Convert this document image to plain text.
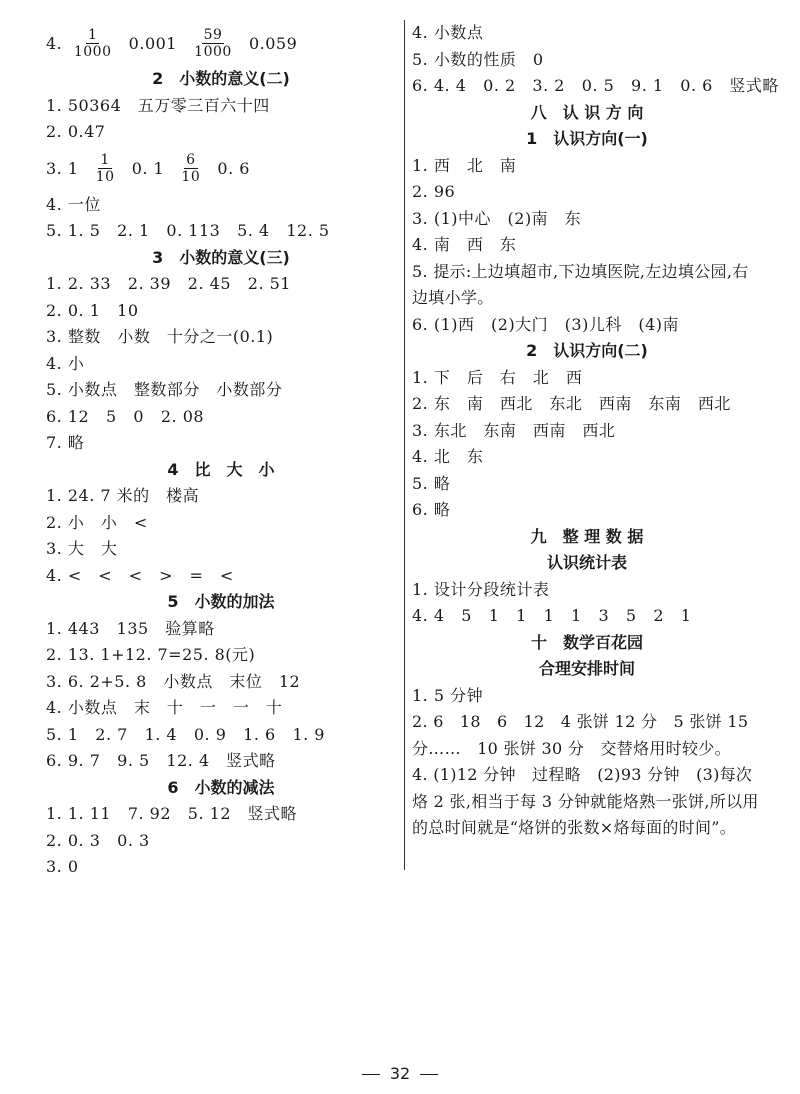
4. $\frac{1}{1000} 0.001 \frac{59}{1000} 0.059$
2　小数的意义(二)
1. 50364　五万零三百六十四
2. 0.47
3. $1 \frac{1}{10} 0$. $1 \frac{6}{10} 0$. 6
4. 一位
5. 1. 5   2. 1   0. 113   5. 4   12. 5
3　小数的意义(三)
1. 2. 33   2. 39   2. 45   2. 51
2. 0. 1   10
3. 整数　小数　十分之一(0.1)
4. 小
5. 小数点　整数部分　小数部分
6. 12   5   0   2. 08
7. 略
4　比　大　小
1. 24. 7 米的　楼高
2. 小　小　<
3. 大　大
4. <　<　<　>　=　<
5　小数的加法
1. 443   135　验算略
2. 13. 1+12. 7=25. 8(元)
3. 6. 2+5. 8　小数点　末位　12
4. 小数点　末　十　一　一　十
5. 1   2. 7   1. 4   0. 9   1. 6   1. 9
6. 9. 7   9. 5   12. 4　竖式略
6　小数的减法
1. 1. 11   7. 92   5. 12　竖式略
2. 0. 3   0. 3
3. 0
4. 小数点
5. 小数的性质　0
6. 4. 4   0. 2   3. 2   0. 5   9. 1   0. 6　竖式略
八　认 识 方 向
1　认识方向(一)
1. 西　北　南
2. 96
3. (1)中心　(2)南　东
4. 南　西　东
5. 提示:上边填超市,下边填医院,左边填公园,右边填小学。
6. (1)西　(2)大门　(3)儿科　(4)南
2　认识方向(二)
1. 下　后　右　北　西
2. 东　南　西北　东北　西南　东南　西北
3. 东北　东南　西南　西北
4. 北　东
5. 略
6. 略
九　整 理 数 据
认识统计表
1. 设计分段统计表
4. 4   5   1   1   1   1   3   5   2   1
十　数学百花园
合理安排时间
1. 5 分钟
2. 6   18   6   12   4 张饼 12 分　5 张饼 15 分……　10 张饼 30 分　交替烙用时较少。
4. (1)12 分钟　过程略　(2)93 分钟　(3)每次烙 2 张,相当于每 3 分钟就能烙熟一张饼,所以用的总时间就是“烙饼的张数×烙每面的时间”。
32
